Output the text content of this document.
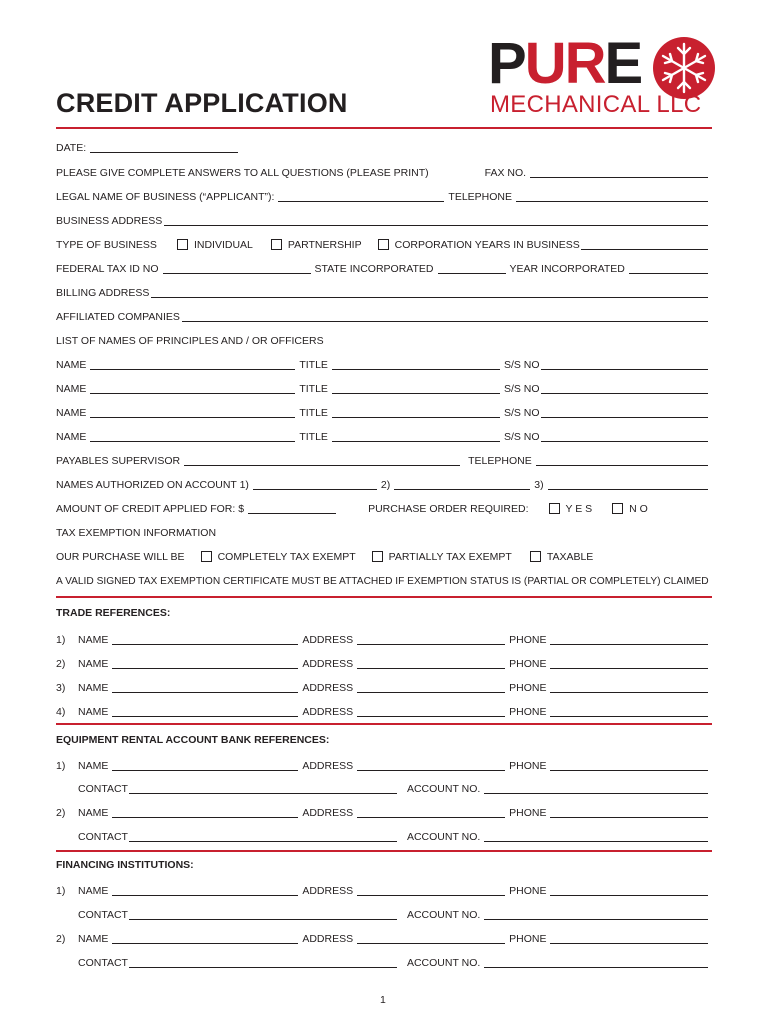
CREDIT APPLICATION
PURE
MECHANICAL LLC
DATE:
PLEASE GIVE COMPLETE ANSWERS TO ALL QUESTIONS (PLEASE PRINT)	FAX NO.
LEGAL NAME OF BUSINESS (“APPLICANT”):	TELEPHONE
BUSINESS ADDRESS
TYPE OF BUSINESS	INDIVIDUAL	PARTNERSHIP	CORPORATION YEARS IN BUSINESS
FEDERAL TAX ID NO	STATE INCORPORATED	YEAR INCORPORATED
BILLING ADDRESS
AFFILIATED COMPANIES
LIST OF NAMES OF PRINCIPLES AND / OR OFFICERS
NAME	TITLE	S/S NO
NAME	TITLE	S/S NO
NAME	TITLE	S/S NO
NAME	TITLE	S/S NO
PAYABLES SUPERVISOR	TELEPHONE
NAMES AUTHORIZED ON ACCOUNT 1)	2)	3)
AMOUNT OF CREDIT APPLIED FOR: $	PURCHASE ORDER REQUIRED:	Y E S	N O
TAX EXEMPTION INFORMATION
OUR PURCHASE WILL BE	COMPLETELY TAX EXEMPT	PARTIALLY TAX EXEMPT	TAXABLE
A VALID SIGNED TAX EXEMPTION CERTIFICATE MUST BE ATTACHED IF EXEMPTION STATUS IS (PARTIAL OR COMPLETELY) CLAIMED
TRADE REFERENCES:
1)	NAME	ADDRESS	PHONE
2)	NAME	ADDRESS	PHONE
3)	NAME	ADDRESS	PHONE
4)	NAME	ADDRESS	PHONE
EQUIPMENT RENTAL ACCOUNT BANK REFERENCES:
1)	NAME	ADDRESS	PHONE
CONTACT	ACCOUNT NO.
2)	NAME	ADDRESS	PHONE
CONTACT	ACCOUNT NO.
FINANCING INSTITUTIONS:
1)	NAME	ADDRESS	PHONE
CONTACT	ACCOUNT NO.
2)	NAME	ADDRESS	PHONE
CONTACT	ACCOUNT NO.
1
